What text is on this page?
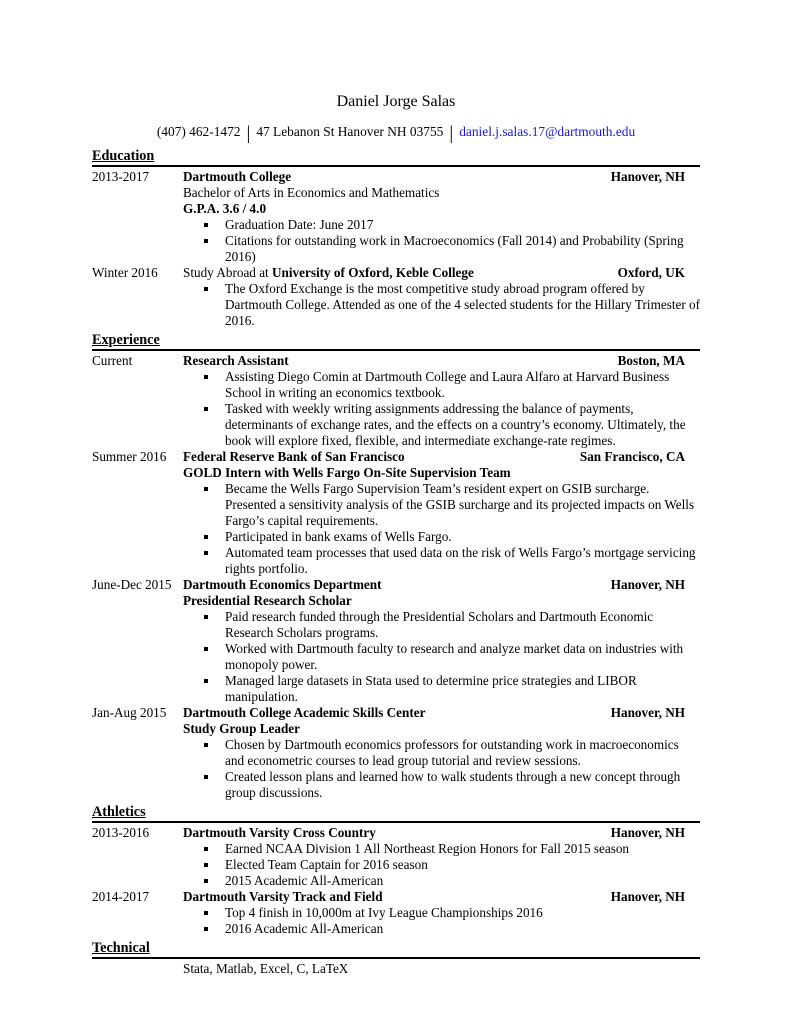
Daniel Jorge Salas
(407) 462-1472 | 47 Lebanon St Hanover NH 03755 | daniel.j.salas.17@dartmouth.edu
Education
2013-2017	Dartmouth College	Hanover, NH
Bachelor of Arts in Economics and Mathematics
G.P.A. 3.6 / 4.0
Graduation Date: June 2017
Citations for outstanding work in Macroeconomics (Fall 2014) and Probability (Spring 2016)
Winter 2016	Study Abroad at University of Oxford, Keble College	Oxford, UK
The Oxford Exchange is the most competitive study abroad program offered by Dartmouth College. Attended as one of the 4 selected students for the Hillary Trimester of 2016.
Experience
Current	Research Assistant	Boston, MA
Assisting Diego Comin at Dartmouth College and Laura Alfaro at Harvard Business School in writing an economics textbook.
Tasked with weekly writing assignments addressing the balance of payments, determinants of exchange rates, and the effects on a country’s economy. Ultimately, the book will explore fixed, flexible, and intermediate exchange-rate regimes.
Summer 2016	Federal Reserve Bank of San Francisco	San Francisco, CA
GOLD Intern with Wells Fargo On-Site Supervision Team
Became the Wells Fargo Supervision Team’s resident expert on GSIB surcharge. Presented a sensitivity analysis of the GSIB surcharge and its projected impacts on Wells Fargo’s capital requirements.
Participated in bank exams of Wells Fargo.
Automated team processes that used data on the risk of Wells Fargo’s mortgage servicing rights portfolio.
June-Dec 2015 Dartmouth Economics Department	Hanover, NH
Presidential Research Scholar
Paid research funded through the Presidential Scholars and Dartmouth Economic Research Scholars programs.
Worked with Dartmouth faculty to research and analyze market data on industries with monopoly power.
Managed large datasets in Stata used to determine price strategies and LIBOR manipulation.
Jan-Aug 2015	Dartmouth College Academic Skills Center	Hanover, NH
Study Group Leader
Chosen by Dartmouth economics professors for outstanding work in macroeconomics and econometric courses to lead group tutorial and review sessions.
Created lesson plans and learned how to walk students through a new concept through group discussions.
Athletics
2013-2016	Dartmouth Varsity Cross Country	Hanover, NH
Earned NCAA Division 1 All Northeast Region Honors for Fall 2015 season
Elected Team Captain for 2016 season
2015 Academic All-American
2014-2017	Dartmouth Varsity Track and Field	Hanover, NH
Top 4 finish in 10,000m at Ivy League Championships 2016
2016 Academic All-American
Technical
Stata, Matlab, Excel, C, LaTeX
